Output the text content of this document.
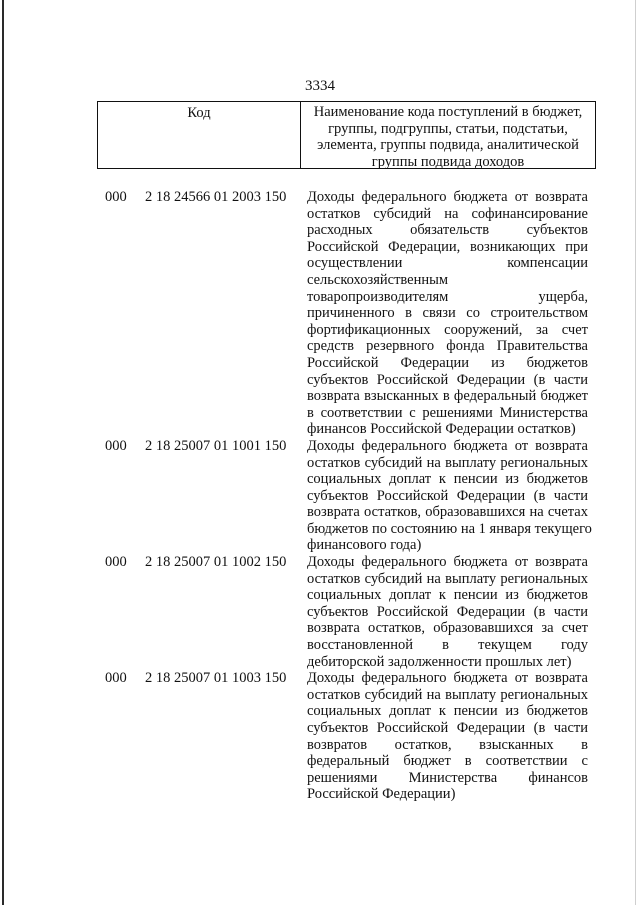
3334
Код	Наименование кода поступлений в бюджет,
группы, подгруппы, статьи, подстатьи,
элемента, группы подвида, аналитической
группы подвида доходов
000 2 18 24566 01 2003 150 Доходы федерального бюджета от возврата
остатков субсидий на софинансирование
расходных обязательств субъектов
Российской Федерации, возникающих при
осуществлении компенсации
сельскохозяйственным
товаропроизводителям ущерба,
причиненного в связи со строительством
фортификационных сооружений, за счет
средств резервного фонда Правительства
Российской Федерации из бюджетов
субъектов Российской Федерации (в части
возврата взысканных в федеральный бюджет
в соответствии с решениями Министерства
финансов Российской Федерации остатков)
000 2 18 25007 01 1001 150 Доходы федерального бюджета от возврата
остатков субсидий на выплату региональных
социальных доплат к пенсии из бюджетов
субъектов Российской Федерации (в части
возврата остатков, образовавшихся на счетах
бюджетов по состоянию на 1 января текущего
финансового года)
000 2 18 25007 01 1002 150 Доходы федерального бюджета от возврата
остатков субсидий на выплату региональных
социальных доплат к пенсии из бюджетов
субъектов Российской Федерации (в части
возврата остатков, образовавшихся за счет
восстановленной в текущем году
дебиторской задолженности прошлых лет)
000 2 18 25007 01 1003 150 Доходы федерального бюджета от возврата
остатков субсидий на выплату региональных
социальных доплат к пенсии из бюджетов
субъектов Российской Федерации (в части
возвратов остатков, взысканных в
федеральный бюджет в соответствии с
решениями Министерства финансов
Российской Федерации)
